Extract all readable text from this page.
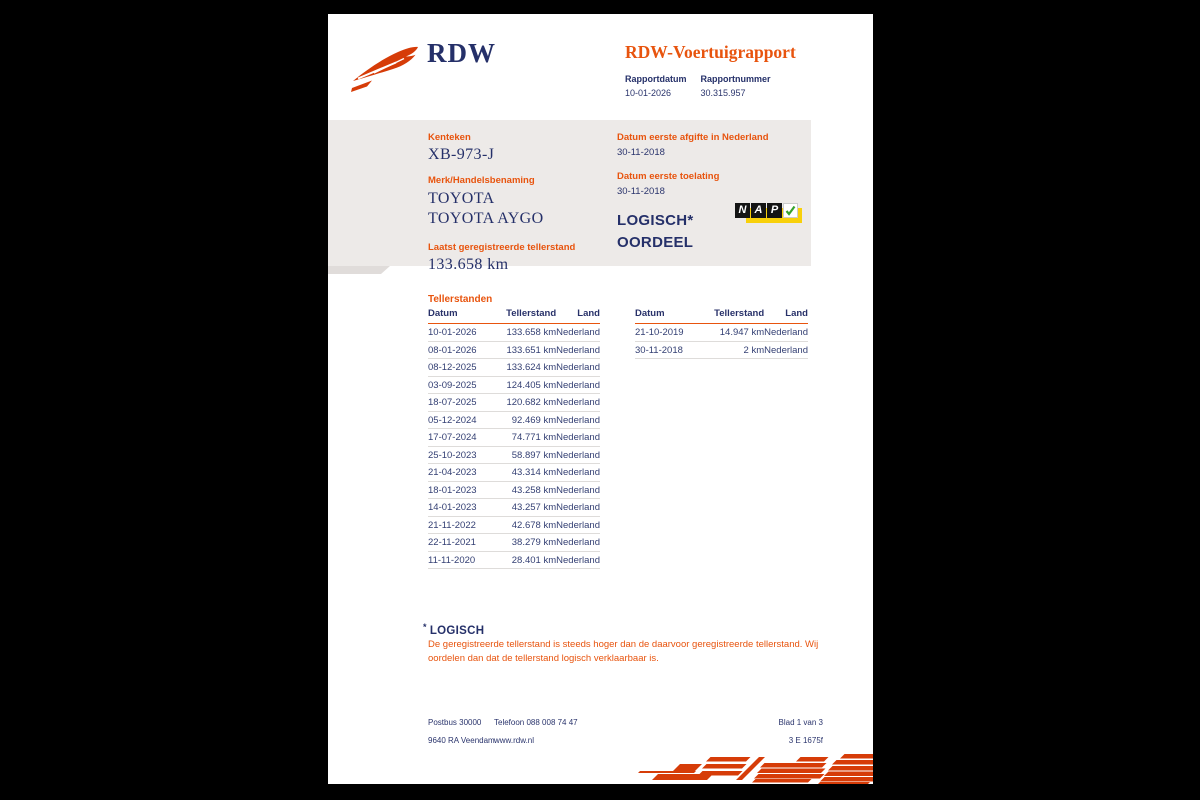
RDW	RDW-Voertuigrapport
Rapportdatum
10-01-2026
Rapportnummer
30.315.957
Kenteken
XB-973-J
Merk/Handelsbenaming
TOYOTA TOYOTA AYGO
Laatst geregistreerde tellerstand
133.658 km
Datum eerste afgifte in Nederland
30-11-2018
Datum eerste toelating
30-11-2018
LOGISCH*
OORDEEL
N A P
Tellerstanden
Datum	Tellerstand	Land
10-01-2026	133.658 km	Nederland
08-01-2026	133.651 km	Nederland
08-12-2025	133.624 km	Nederland
03-09-2025	124.405 km	Nederland
18-07-2025	120.682 km	Nederland
05-12-2024	92.469 km	Nederland
17-07-2024	74.771 km	Nederland
25-10-2023	58.897 km	Nederland
21-04-2023	43.314 km	Nederland
18-01-2023	43.258 km	Nederland
14-01-2023	43.257 km	Nederland
21-11-2022	42.678 km	Nederland
22-11-2021	38.279 km	Nederland
11-11-2020	28.401 km	Nederland
Datum	Tellerstand	Land
21-10-2019	14.947 km	Nederland
30-11-2018	2 km	Nederland
* LOGISCH
De geregistreerde tellerstand is steeds hoger dan de daarvoor geregistreerde tellerstand. Wij oordelen dan dat de tellerstand logisch verklaarbaar is.
Postbus 30000
9640 RA Veendam
Telefoon 088 008 74 47
www.rdw.nl
Blad 1 van 3
3 E 1675f
